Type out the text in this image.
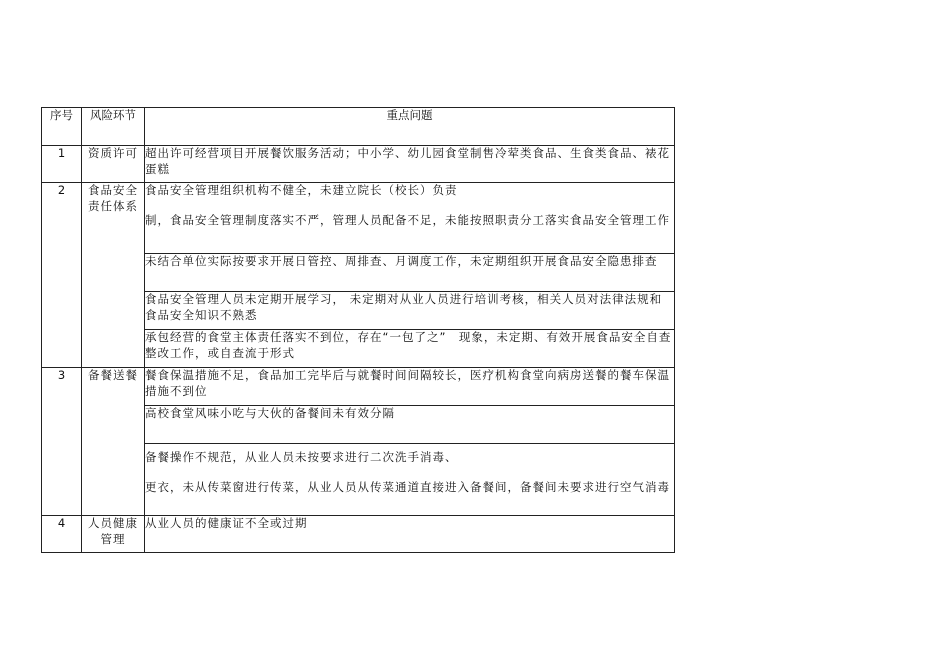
序号	风险环节	重点问题
1	资质许可	超出许可经营项目开展餐饮服务活动；中小学、幼儿园食堂制售冷荤类食品、生食类食品、裱花蛋糕
2	食品安全责任体系	食品安全管理组织机构不健全，未建立院长（校长）负责
制，食品安全管理制度落实不严，管理人员配备不足，未能按照职责分工落实食品安全管理工作
		未结合单位实际按要求开展日管控、周排查、月调度工作，未定期组织开展食品安全隐患排查
		食品安全管理人员未定期开展学习， 未定期对从业人员进行培训考核，相关人员对法律法规和食品安全知识不熟悉
		承包经营的食堂主体责任落实不到位，存在“一包了之”　现象，未定期、有效开展食品安全自查整改工作，或自查流于形式
3	备餐送餐	餐食保温措施不足，食品加工完毕后与就餐时间间隔较长，医疗机构食堂向病房送餐的餐车保温措施不到位
		高校食堂风味小吃与大伙的备餐间未有效分隔
		备餐操作不规范，从业人员未按要求进行二次洗手消毒、
更衣，未从传菜窗进行传菜，从业人员从传菜通道直接进入备餐间，备餐间未要求进行空气消毒
4	人员健康管理	从业人员的健康证不全或过期
